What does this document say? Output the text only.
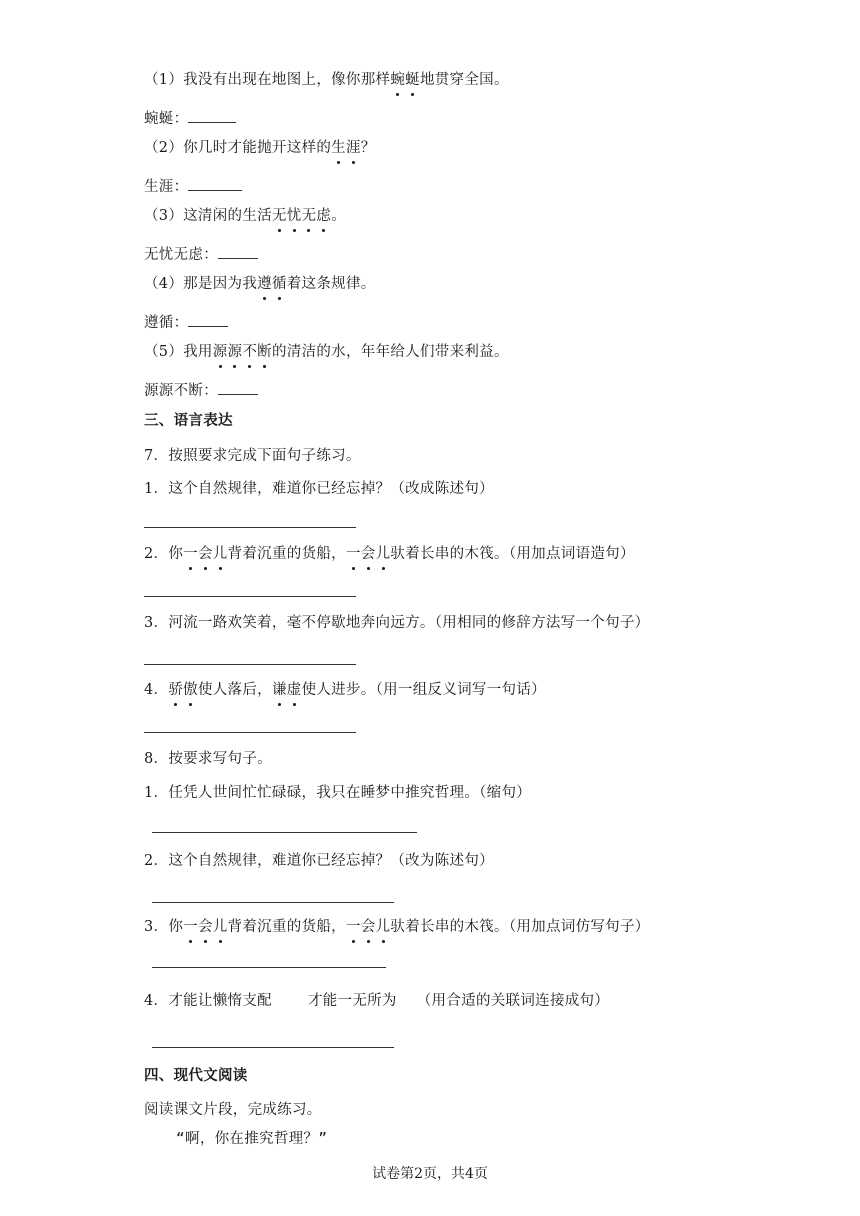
（1）我没有出现在地图上，像你那样蜿蜒地贯穿全国。
蜿蜒：
（2）你几时才能抛开这样的生涯？
生涯：
（3）这清闲的生活无忧无虑。
无忧无虑：
（4）那是因为我遵循着这条规律。
遵循：
（5）我用源源不断的清洁的水，年年给人们带来利益。
源源不断：
三、语言表达
7．按照要求完成下面句子练习。
1．这个自然规律，难道你已经忘掉？（改成陈述句）
2．你一会儿背着沉重的货船，一会儿驮着长串的木筏。（用加点词语造句）
3．河流一路欢笑着，毫不停歇地奔向远方。（用相同的修辞方法写一个句子）
4．骄傲使人落后，谦虚使人进步。（用一组反义词写一句话）
8．按要求写句子。
1．任凭人世间忙忙碌碌，我只在睡梦中推究哲理。（缩句）
2．这个自然规律，难道你已经忘掉？（改为陈述句）
3．你一会儿背着沉重的货船，一会儿驮着长串的木筏。（用加点词仿写句子）
4．才能让懒惰支配 才能一无所为 （用合适的关联词连接成句）
四、现代文阅读
阅读课文片段，完成练习。
“啊，你在推究哲理？”
试卷第2页，共4页
